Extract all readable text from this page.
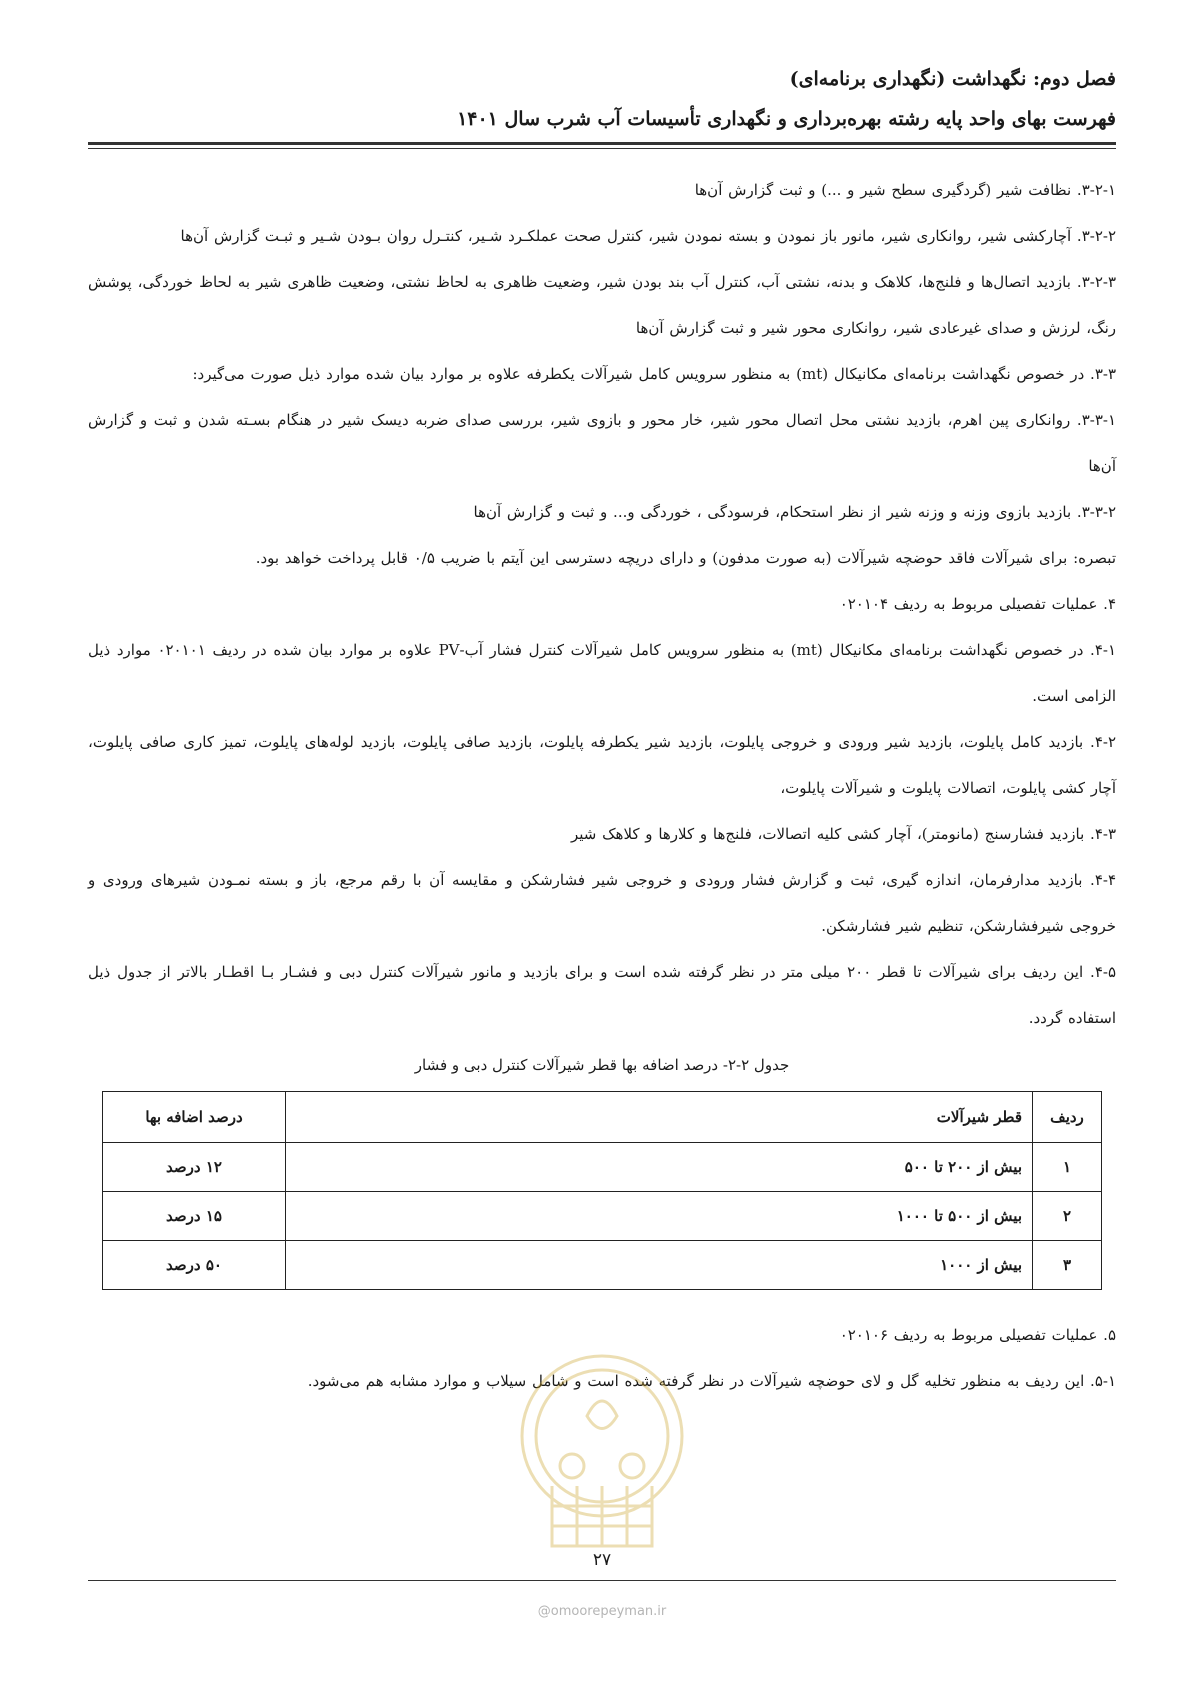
فصل دوم: نگهداشت (نگهداری برنامه‌ای)
فهرست بهای واحد پایه رشته بهره‌برداری و نگهداری تأسیسات آب شرب سال ۱۴۰۱

۳-۲-۱. نظافت شیر (گردگیری سطح شیر و ...) و ثبت گزارش آن‌ها

۳-۲-۲. آچارکشی شیر، روانکاری شیر، مانور باز نمودن و بسته نمودن شیر، کنترل صحت عملکـرد شـیر، کنتـرل روان بـودن شـیر و ثبـت گزارش آن‌ها

۳-۲-۳. بازدید اتصال‌ها و فلنج‌ها، کلاهک و بدنه، نشتی آب، کنترل آب بند بودن شیر، وضعیت ظاهری به لحاظ نشتی، وضعیت ظاهری شیر به لحاظ خوردگی، پوشش رنگ، لرزش و صدای غیرعادی شیر، روانکاری محور شیر و ثبت گزارش آن‌ها

۳-۳. در خصوص نگهداشت برنامه‌ای مکانیکال (mt) به منظور سرویس کامل شیرآلات یکطرفه علاوه بر موارد بیان شده موارد ذیل صورت می‌گیرد:

۳-۳-۱. روانکاری پین اهرم، بازدید نشتی محل اتصال محور شیر، خار محور و بازوی شیر، بررسی صدای ضربه دیسک شیر در هنگام بسـته شدن و ثبت و گزارش آن‌ها

۳-۳-۲. بازدید بازوی وزنه و وزنه شیر از نظر استحکام، فرسودگی ، خوردگی و... و ثبت و گزارش آن‌ها

تبصره: برای شیرآلات فاقد حوضچه شیرآلات (به صورت مدفون) و دارای دریچه دسترسی این آیتم با ضریب ۰/۵ قابل پرداخت خواهد بود.

۴. عملیات تفصیلی مربوط به ردیف ۰۲۰۱۰۴

۴-۱. در خصوص نگهداشت برنامه‌ای مکانیکال (mt) به منظور سرویس کامل شیرآلات کنترل فشار آب-PV علاوه بر موارد بیان شده در ردیف ۰۲۰۱۰۱ موارد ذیل الزامی است.

۴-۲. بازدید کامل پایلوت، بازدید شیر ورودی و خروجی پایلوت، بازدید شیر یکطرفه پایلوت، بازدید صافی پایلوت، بازدید لوله‌های پایلوت، تمیز کاری صافی پایلوت، آچار کشی پایلوت، اتصالات پایلوت و شیرآلات پایلوت،

۴-۳. بازدید فشارسنج (مانومتر)، آچار کشی کلیه اتصالات، فلنج‌ها و کلارها و کلاهک شیر

۴-۴. بازدید مدارفرمان، اندازه گیری، ثبت و گزارش فشار ورودی و خروجی شیر فشارشکن و مقایسه آن با رقم مرجع، باز و بسته نمـودن شیرهای ورودی و خروجی شیرفشارشکن، تنظیم شیر فشارشکن.

۴-۵. این ردیف برای شیرآلات تا قطر ۲۰۰ میلی متر در نظر گرفته شده است و برای بازدید و مانور شیرآلات کنترل دبی و فشـار بـا اقطـار بالاتر از جدول ذیل استفاده گردد.

جدول ۲-۲- درصد اضافه بها قطر شیرآلات کنترل دبی و فشار
ردیف	قطر شیرآلات	درصد اضافه بها
۱	بیش از ۲۰۰ تا ۵۰۰	۱۲ درصد
۲	بیش از ۵۰۰ تا ۱۰۰۰	۱۵ درصد
۳	بیش از ۱۰۰۰	۵۰ درصد

۵. عملیات تفصیلی مربوط به ردیف ۰۲۰۱۰۶

۵-۱. این ردیف به منظور تخلیه گل و لای حوضچه شیرآلات در نظر گرفته شده است و شامل سیلاب و موارد مشابه هم می‌شود.

۲۷
@omoorepeyman.ir
